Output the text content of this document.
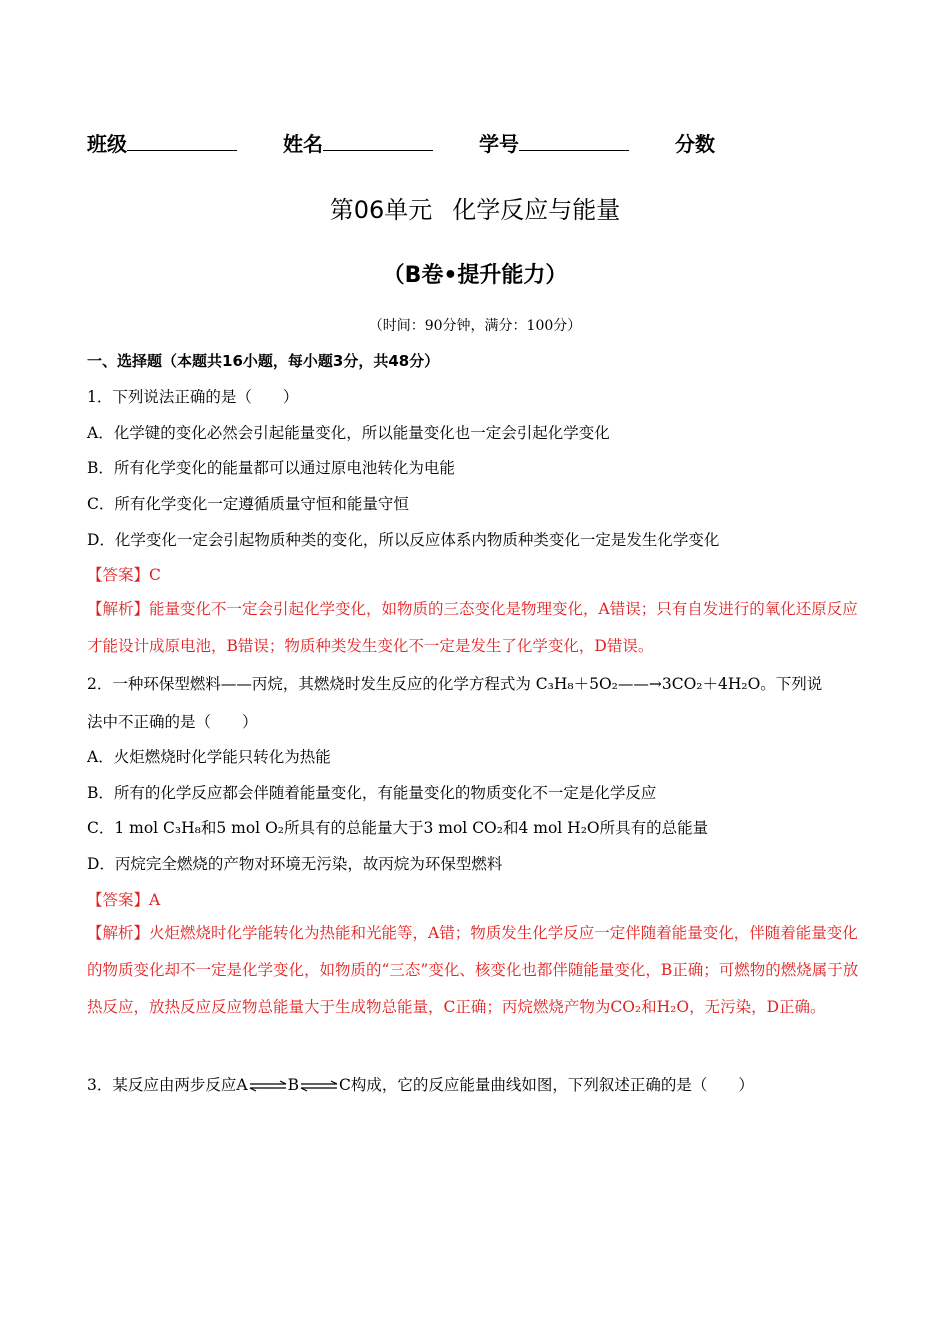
班级	姓名	学号	分数
第06单元 化学反应与能量
（B卷•提升能力）
（时间：90分钟，满分：100分）
一、选择题（本题共16小题，每小题3分，共48分）
1．下列说法正确的是（　　）
A．化学键的变化必然会引起能量变化，所以能量变化也一定会引起化学变化
B．所有化学变化的能量都可以通过原电池转化为电能
C．所有化学变化一定遵循质量守恒和能量守恒
D．化学变化一定会引起物质种类的变化，所以反应体系内物质种类变化一定是发生化学变化
【答案】C
【解析】能量变化不一定会引起化学变化，如物质的三态变化是物理变化，A错误；只有自发进行的氧化还原反应才能设计成原电池，B错误；物质种类发生变化不一定是发生了化学变化，D错误。
2．一种环保型燃料——丙烷，其燃烧时发生反应的化学方程式为 C₃H₈＋5O₂——→3CO₂＋4H₂O。下列说
法中不正确的是（　　）
A．火炬燃烧时化学能只转化为热能
B．所有的化学反应都会伴随着能量变化，有能量变化的物质变化不一定是化学反应
C．1 mol C₃H₈和5 mol O₂所具有的总能量大于3 mol CO₂和4 mol H₂O所具有的总能量
D．丙烷完全燃烧的产物对环境无污染，故丙烷为环保型燃料
【答案】A
【解析】火炬燃烧时化学能转化为热能和光能等，A错；物质发生化学反应一定伴随着能量变化，伴随着能量变化的物质变化却不一定是化学变化，如物质的“三态”变化、核变化也都伴随能量变化，B正确；可燃物的燃烧属于放热反应，放热反应反应物总能量大于生成物总能量，C正确；丙烷燃烧产物为CO₂和H₂O，无污染，D正确。
3．某反应由两步反应A⇌B⇌C构成，它的反应能量曲线如图，下列叙述正确的是（　　）
